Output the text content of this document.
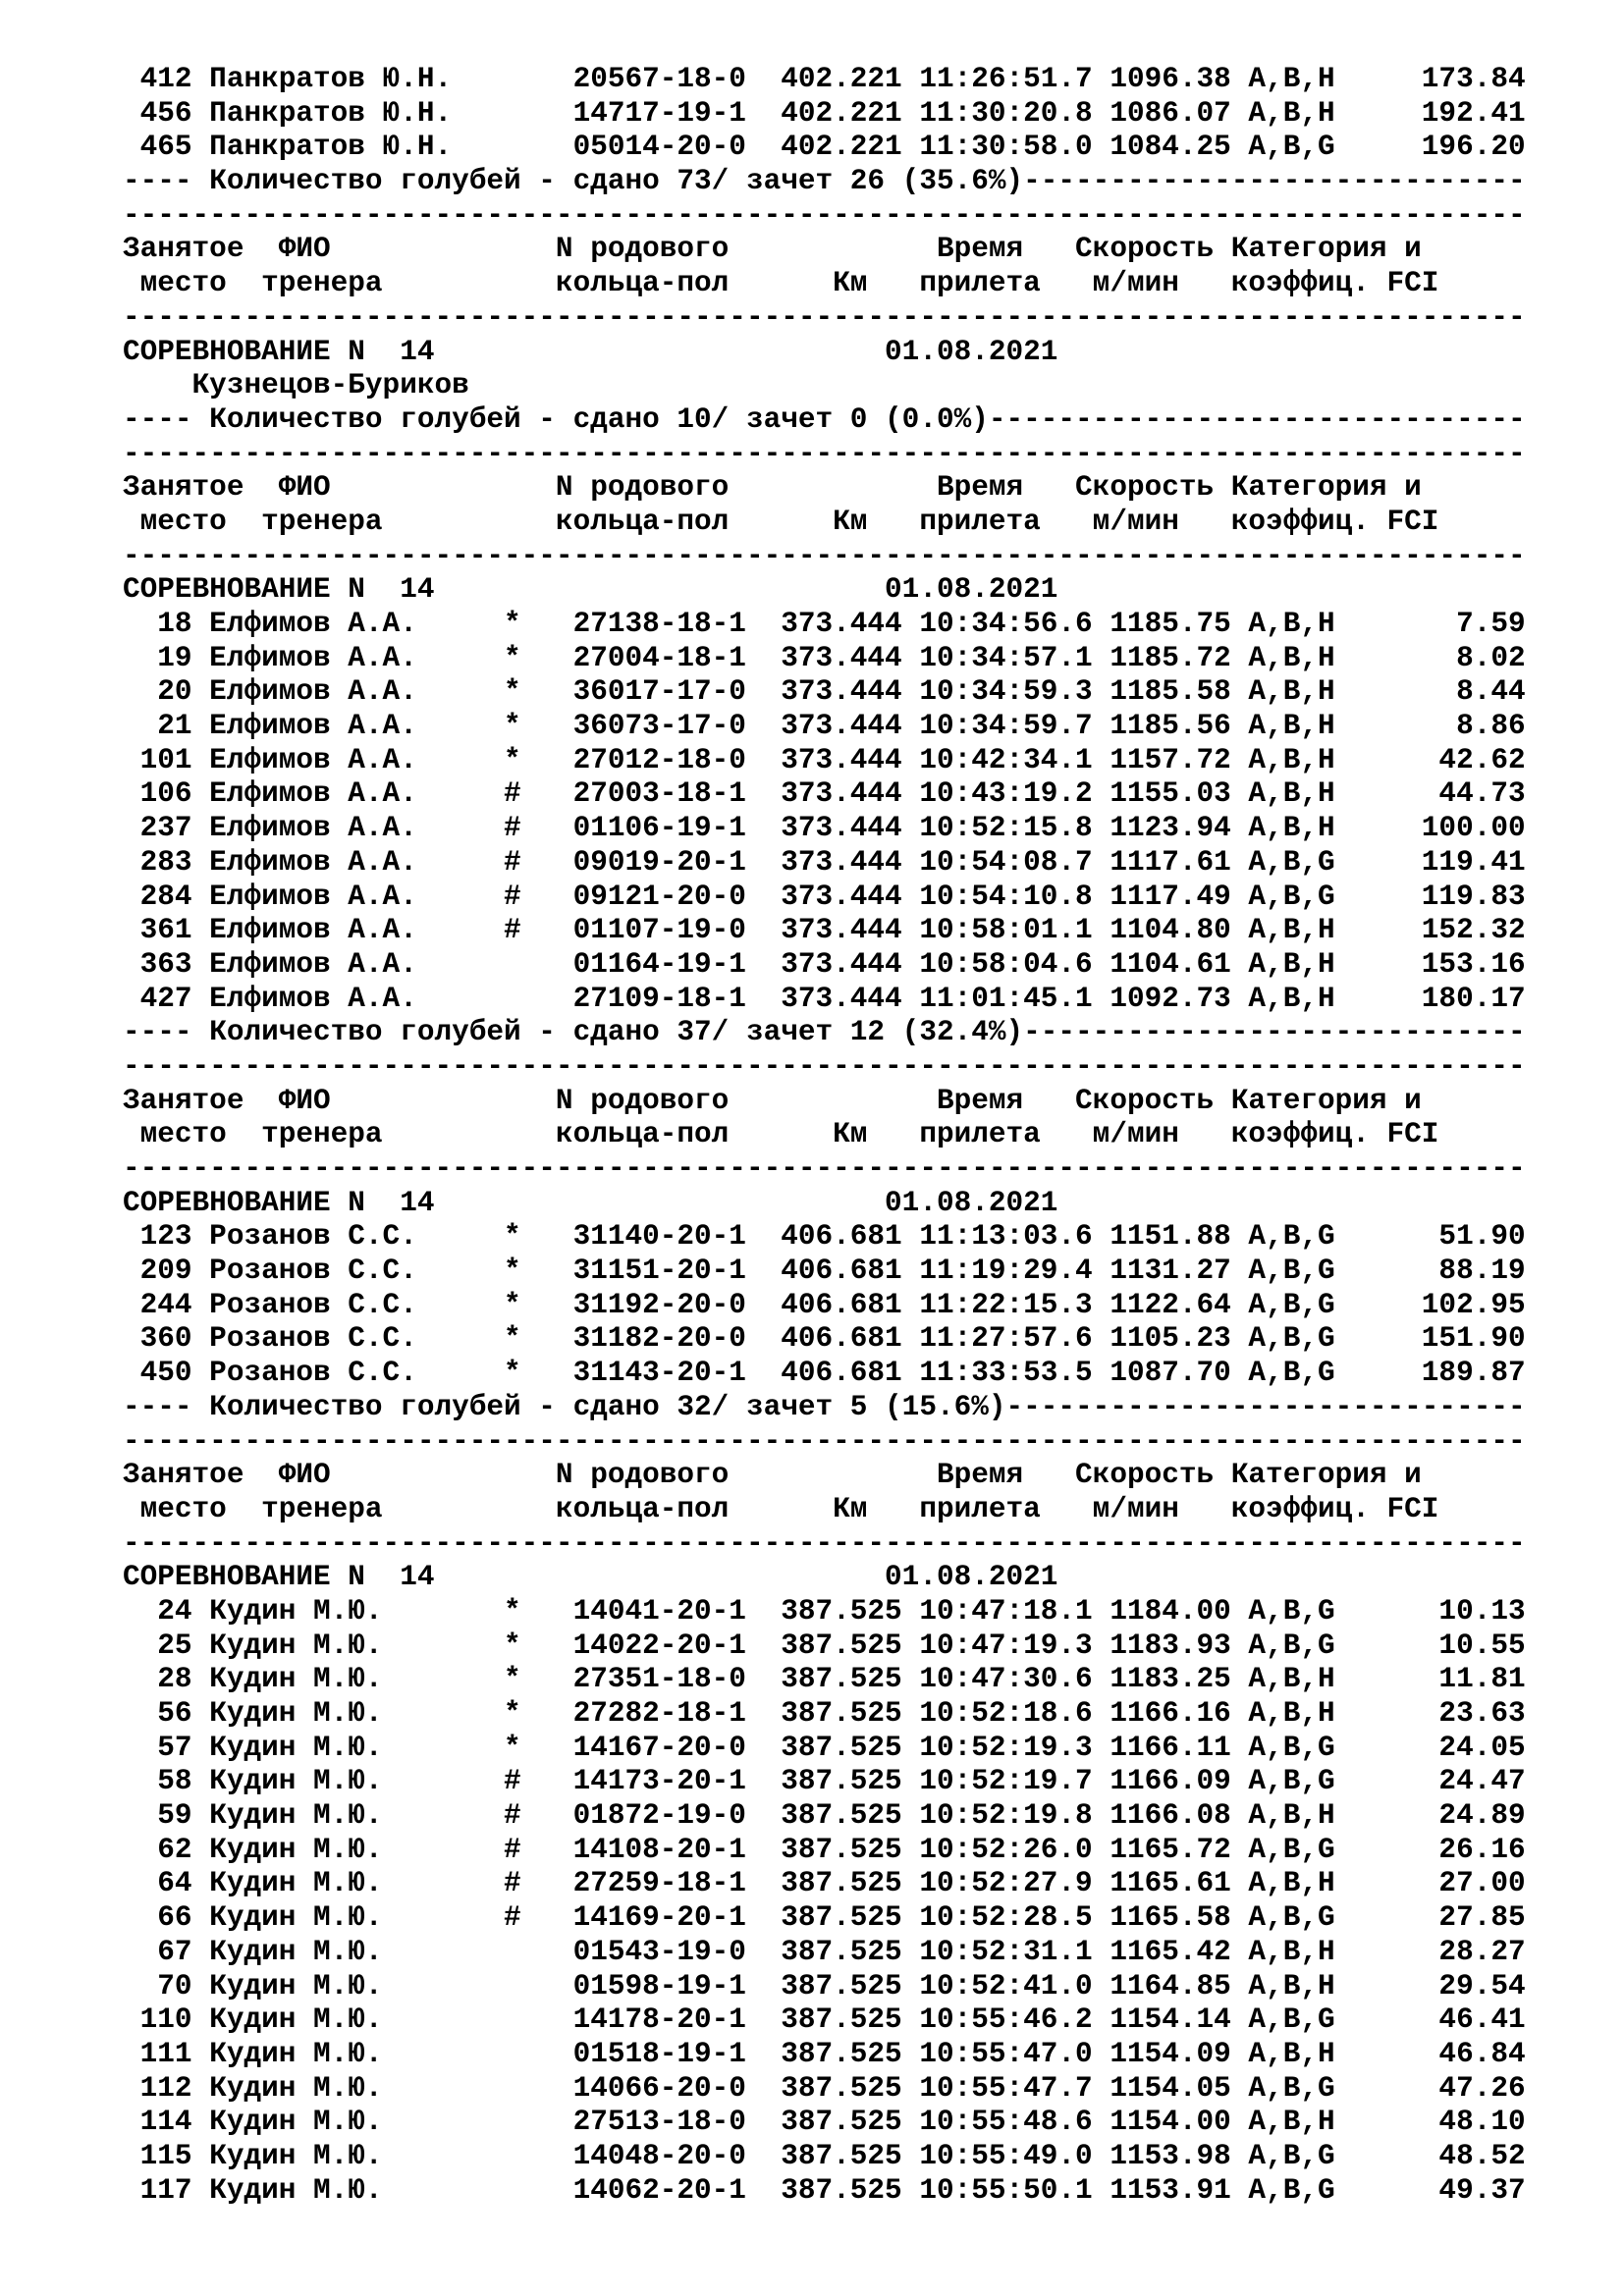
412 Панкратов Ю.Н.       20567-18-0  402.221 11:26:51.7 1096.38 A,B,H     173.84
456 Панкратов Ю.Н.       14717-19-1  402.221 11:30:20.8 1086.07 A,B,H     192.41
465 Панкратов Ю.Н.       05014-20-0  402.221 11:30:58.0 1084.25 A,B,G     196.20
---- Количество голубей - сдано 73/ зачет 26 (35.6%)-----------------------------
---------------------------------------------------------------------------------
Занятое  ФИО             N родового            Время   Скорость Категория и
место  тренера          кольца-пол      Км   прилета   м/мин   коэффиц. FCI
---------------------------------------------------------------------------------
СОРЕВНОВАНИЕ N  14                          01.08.2021
Кузнецов-Буриков
---- Количество голубей - сдано 10/ зачет 0 (0.0%)-------------------------------
---------------------------------------------------------------------------------
Занятое  ФИО             N родового            Время   Скорость Категория и
место  тренера          кольца-пол      Км   прилета   м/мин   коэффиц. FCI
---------------------------------------------------------------------------------
СОРЕВНОВАНИЕ N  14                          01.08.2021
18 Елфимов А.А.     *   27138-18-1  373.444 10:34:56.6 1185.75 A,B,H       7.59
19 Елфимов А.А.     *   27004-18-1  373.444 10:34:57.1 1185.72 A,B,H       8.02
20 Елфимов А.А.     *   36017-17-0  373.444 10:34:59.3 1185.58 A,B,H       8.44
21 Елфимов А.А.     *   36073-17-0  373.444 10:34:59.7 1185.56 A,B,H       8.86
101 Елфимов А.А.     *   27012-18-0  373.444 10:42:34.1 1157.72 A,B,H      42.62
106 Елфимов А.А.     #   27003-18-1  373.444 10:43:19.2 1155.03 A,B,H      44.73
237 Елфимов А.А.     #   01106-19-1  373.444 10:52:15.8 1123.94 A,B,H     100.00
283 Елфимов А.А.     #   09019-20-1  373.444 10:54:08.7 1117.61 A,B,G     119.41
284 Елфимов А.А.     #   09121-20-0  373.444 10:54:10.8 1117.49 A,B,G     119.83
361 Елфимов А.А.     #   01107-19-0  373.444 10:58:01.1 1104.80 A,B,H     152.32
363 Елфимов А.А.         01164-19-1  373.444 10:58:04.6 1104.61 A,B,H     153.16
427 Елфимов А.А.         27109-18-1  373.444 11:01:45.1 1092.73 A,B,H     180.17
---- Количество голубей - сдано 37/ зачет 12 (32.4%)-----------------------------
---------------------------------------------------------------------------------
Занятое  ФИО             N родового            Время   Скорость Категория и
место  тренера          кольца-пол      Км   прилета   м/мин   коэффиц. FCI
---------------------------------------------------------------------------------
СОРЕВНОВАНИЕ N  14                          01.08.2021
123 Розанов С.С.     *   31140-20-1  406.681 11:13:03.6 1151.88 A,B,G      51.90
209 Розанов С.С.     *   31151-20-1  406.681 11:19:29.4 1131.27 A,B,G      88.19
244 Розанов С.С.     *   31192-20-0  406.681 11:22:15.3 1122.64 A,B,G     102.95
360 Розанов С.С.     *   31182-20-0  406.681 11:27:57.6 1105.23 A,B,G     151.90
450 Розанов С.С.     *   31143-20-1  406.681 11:33:53.5 1087.70 A,B,G     189.87
---- Количество голубей - сдано 32/ зачет 5 (15.6%)------------------------------
---------------------------------------------------------------------------------
Занятое  ФИО             N родового            Время   Скорость Категория и
место  тренера          кольца-пол      Км   прилета   м/мин   коэффиц. FCI
---------------------------------------------------------------------------------
СОРЕВНОВАНИЕ N  14                          01.08.2021
24 Кудин М.Ю.       *   14041-20-1  387.525 10:47:18.1 1184.00 A,B,G      10.13
25 Кудин М.Ю.       *   14022-20-1  387.525 10:47:19.3 1183.93 A,B,G      10.55
28 Кудин М.Ю.       *   27351-18-0  387.525 10:47:30.6 1183.25 A,B,H      11.81
56 Кудин М.Ю.       *   27282-18-1  387.525 10:52:18.6 1166.16 A,B,H      23.63
57 Кудин М.Ю.       *   14167-20-0  387.525 10:52:19.3 1166.11 A,B,G      24.05
58 Кудин М.Ю.       #   14173-20-1  387.525 10:52:19.7 1166.09 A,B,G      24.47
59 Кудин М.Ю.       #   01872-19-0  387.525 10:52:19.8 1166.08 A,B,H      24.89
62 Кудин М.Ю.       #   14108-20-1  387.525 10:52:26.0 1165.72 A,B,G      26.16
64 Кудин М.Ю.       #   27259-18-1  387.525 10:52:27.9 1165.61 A,B,H      27.00
66 Кудин М.Ю.       #   14169-20-1  387.525 10:52:28.5 1165.58 A,B,G      27.85
67 Кудин М.Ю.           01543-19-0  387.525 10:52:31.1 1165.42 A,B,H      28.27
70 Кудин М.Ю.           01598-19-1  387.525 10:52:41.0 1164.85 A,B,H      29.54
110 Кудин М.Ю.           14178-20-1  387.525 10:55:46.2 1154.14 A,B,G      46.41
111 Кудин М.Ю.           01518-19-1  387.525 10:55:47.0 1154.09 A,B,H      46.84
112 Кудин М.Ю.           14066-20-0  387.525 10:55:47.7 1154.05 A,B,G      47.26
114 Кудин М.Ю.           27513-18-0  387.525 10:55:48.6 1154.00 A,B,H      48.10
115 Кудин М.Ю.           14048-20-0  387.525 10:55:49.0 1153.98 A,B,G      48.52
117 Кудин М.Ю.           14062-20-1  387.525 10:55:50.1 1153.91 A,B,G      49.37
